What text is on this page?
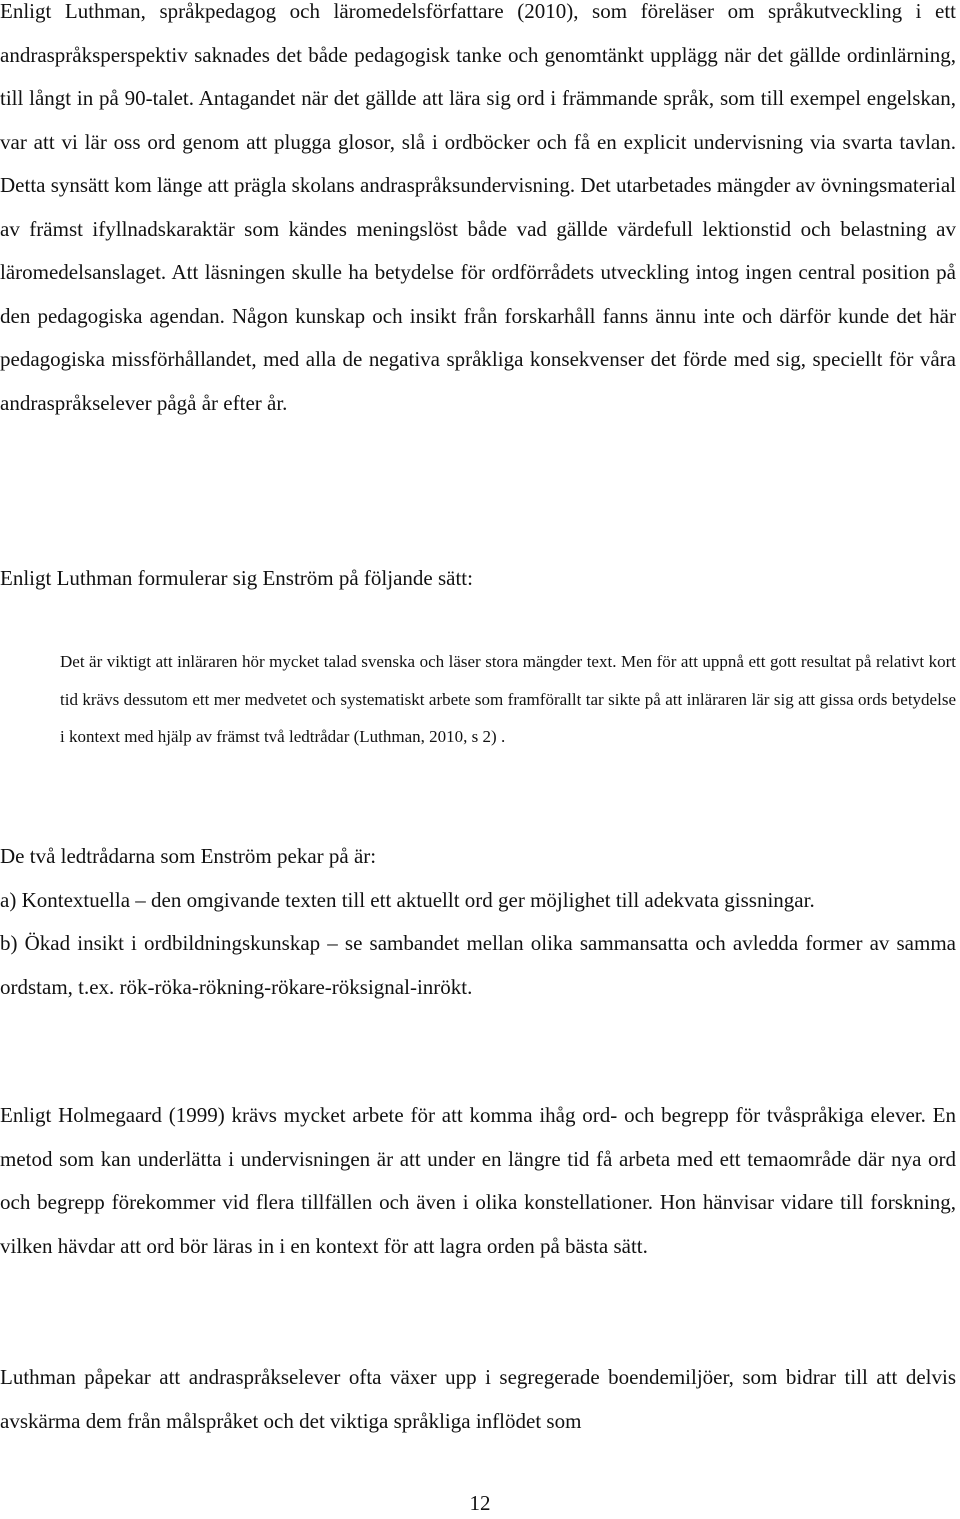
Enligt Luthman, språkpedagog och läromedelsförfattare (2010), som föreläser om språkutveckling i ett andraspråksperspektiv saknades det både pedagogisk tanke och genomtänkt upplägg när det gällde ordinlärning, till långt in på 90-talet. Antagandet när det gällde att lära sig ord i främmande språk, som till exempel engelskan, var att vi lär oss ord genom att plugga glosor, slå i ordböcker och få en explicit undervisning via svarta tavlan. Detta synsätt kom länge att prägla skolans andraspråksundervisning. Det utarbetades mängder av övningsmaterial av främst ifyllnadskaraktär som kändes meningslöst både vad gällde värdefull lektionstid och belastning av läromedelsanslaget. Att läsningen skulle ha betydelse för ordförrådets utveckling intog ingen central position på den pedagogiska agendan. Någon kunskap och insikt från forskarhåll fanns ännu inte och därför kunde det här pedagogiska missförhållandet, med alla de negativa språkliga konsekvenser det förde med sig, speciellt för våra andraspråkselever pågå år efter år.

Enligt Luthman formulerar sig Enström på följande sätt:

Det är viktigt att inläraren hör mycket talad svenska och läser stora mängder text. Men för att uppnå ett gott resultat på relativt kort tid krävs dessutom ett mer medvetet och systematiskt arbete som framförallt tar sikte på att inläraren lär sig att gissa ords betydelse i kontext med hjälp av främst två ledtrådar (Luthman, 2010, s 2) .

De två ledtrådarna som Enström pekar på är:

a) Kontextuella – den omgivande texten till ett aktuellt ord ger möjlighet till adekvata gissningar.

b) Ökad insikt i ordbildningskunskap – se sambandet mellan olika sammansatta och avledda former av samma ordstam, t.ex. rök-röka-rökning-rökare-röksignal-inrökt.

Enligt Holmegaard (1999) krävs mycket arbete för att komma ihåg ord- och begrepp för tvåspråkiga elever. En metod som kan underlätta i undervisningen är att under en längre tid få arbeta med ett temaområde där nya ord och begrepp förekommer vid flera tillfällen och även i olika konstellationer. Hon hänvisar vidare till forskning, vilken hävdar att ord bör läras in i en kontext för att lagra orden på bästa sätt.

Luthman påpekar att andraspråkselever ofta växer upp i segregerade boendemiljöer, som bidrar till att delvis avskärma dem från målspråket och det viktiga språkliga inflödet som

12
